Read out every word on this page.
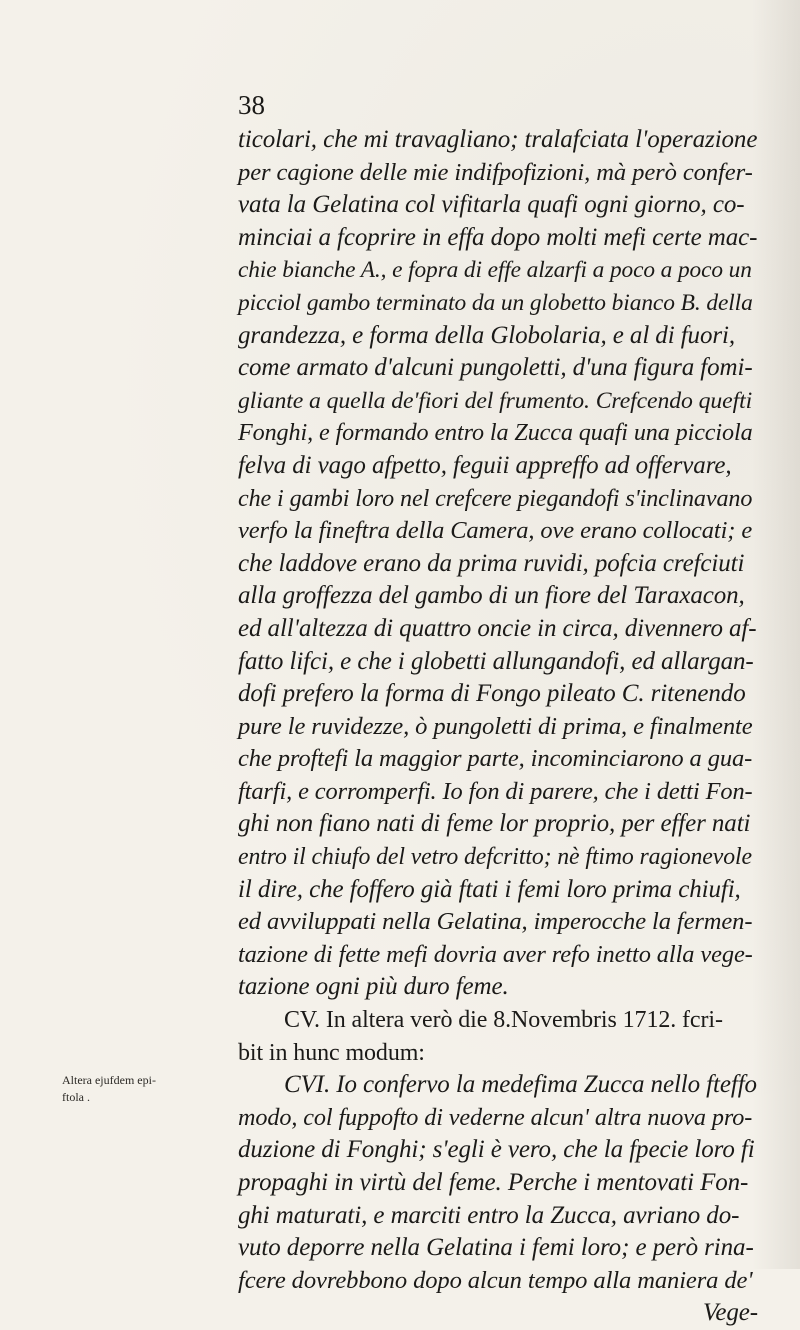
38
ticolari, che mi travagliano; tralafciata l'operazione
per cagione delle mie indifpofizioni, mà però confer-
vata la Gelatina col vifitarla quafi ogni giorno, co-
minciai a fcoprire in effa dopo molti mefi certe mac-
chie bianche A., e fopra di effe alzarfi a poco a poco un
picciol gambo terminato da un globetto bianco B. della
grandezza, e forma della Globolaria, e al di fuori,
come armato d'alcuni pungoletti, d'una figura fomi-
gliante a quella de'fiori del frumento. Crefcendo quefti
Fonghi, e formando entro la Zucca quafi una picciola
felva di vago afpetto, feguii appreffo ad offervare,
che i gambi loro nel crefcere piegandofi s'inclinavano
verfo la fineftra della Camera, ove erano collocati; e
che laddove erano da prima ruvidi, pofcia crefciuti
alla groffezza del gambo di un fiore del Taraxacon,
ed all'altezza di quattro oncie in circa, divennero af-
fatto lifci, e che i globetti allungandofi, ed allargan-
dofi prefero la forma di Fongo pileato C. ritenendo
pure le ruvidezze, ò pungoletti di prima, e finalmente
che proftefi la maggior parte, incominciarono a gua-
ftarfi, e corromperfi. Io fon di parere, che i detti Fon-
ghi non fiano nati di feme lor proprio, per effer nati
entro il chiufo del vetro defcritto; nè ftimo ragionevole
il dire, che foffero già ftati i femi loro prima chiufi,
ed avviluppati nella Gelatina, imperocche la fermen-
tazione di fette mefi dovria aver refo inetto alla vege-
tazione ogni più duro feme.
CV. In altera verò die 8.Novembris 1712. fcri-
bit in hunc modum:
CVI. Io confervo la medefima Zucca nello fteffo
modo, col fuppofto di vederne alcun' altra nuova pro-
duzione di Fonghi; s'egli è vero, che la fpecie loro fi
propaghi in virtù del feme. Perche i mentovati Fon-
ghi maturati, e marciti entro la Zucca, avriano do-
vuto deporre nella Gelatina i femi loro; e però rina-
fcere dovrebbono dopo alcun tempo alla maniera de'
Vege-
Altera ejufdem epi-
ftola .
